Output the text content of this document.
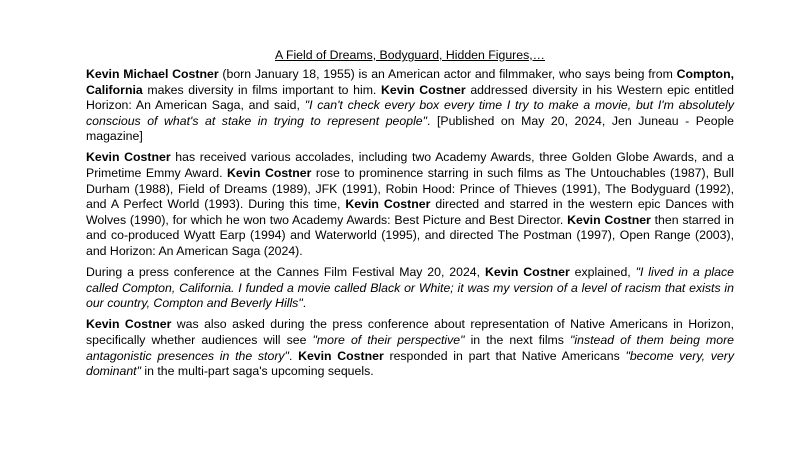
A Field of Dreams, Bodyguard, Hidden Figures,…

Kevin Michael Costner (born January 18, 1955) is an American actor and filmmaker, who says being from Compton, California makes diversity in films important to him. Kevin Costner addressed diversity in his Western epic entitled Horizon: An American Saga, and said, "I can't check every box every time I try to make a movie, but I'm absolutely conscious of what's at stake in trying to represent people". [Published on May 20, 2024, Jen Juneau - People magazine]

Kevin Costner has received various accolades, including two Academy Awards, three Golden Globe Awards, and a Primetime Emmy Award. Kevin Costner rose to prominence starring in such films as The Untouchables (1987), Bull Durham (1988), Field of Dreams (1989), JFK (1991), Robin Hood: Prince of Thieves (1991), The Bodyguard (1992), and A Perfect World (1993). During this time, Kevin Costner directed and starred in the western epic Dances with Wolves (1990), for which he won two Academy Awards: Best Picture and Best Director. Kevin Costner then starred in and co-produced Wyatt Earp (1994) and Waterworld (1995), and directed The Postman (1997), Open Range (2003), and Horizon: An American Saga (2024).

During a press conference at the Cannes Film Festival May 20, 2024, Kevin Costner explained, "I lived in a place called Compton, California. I funded a movie called Black or White; it was my version of a level of racism that exists in our country, Compton and Beverly Hills".

Kevin Costner was also asked during the press conference about representation of Native Americans in Horizon, specifically whether audiences will see "more of their perspective" in the next films "instead of them being more antagonistic presences in the story". Kevin Costner responded in part that Native Americans "become very, very dominant" in the multi-part saga's upcoming sequels.
